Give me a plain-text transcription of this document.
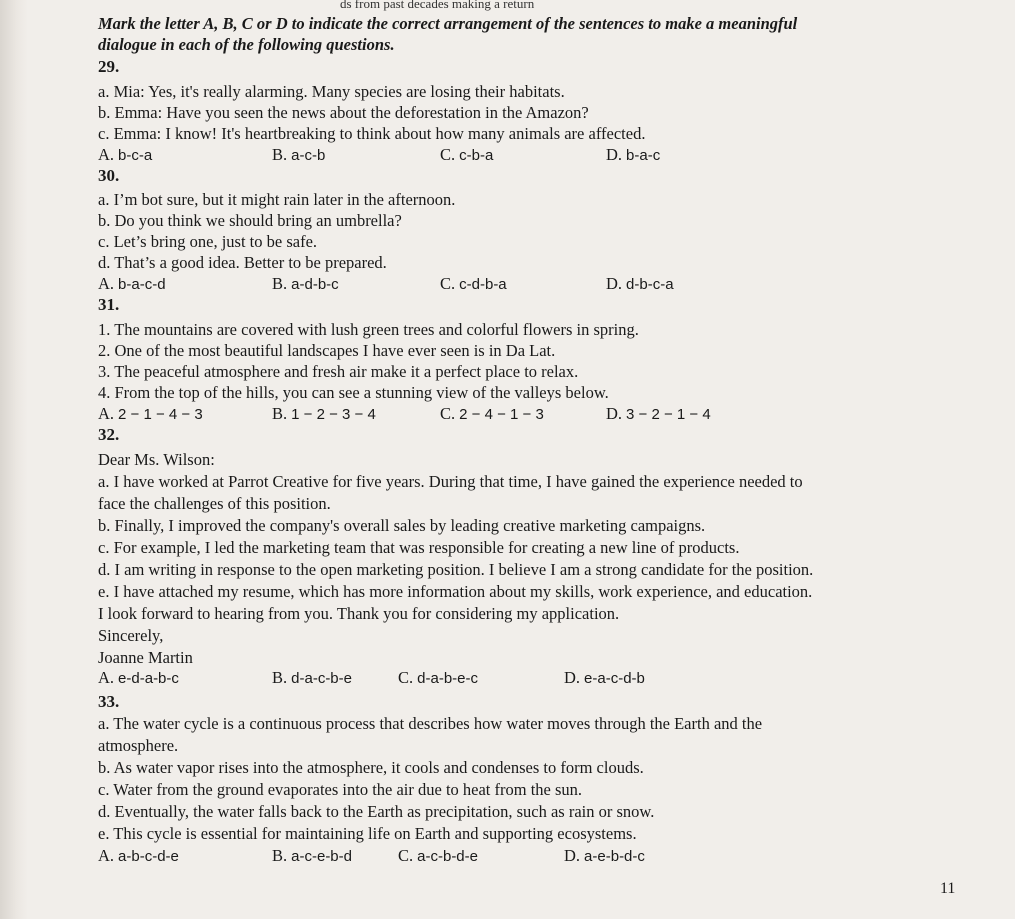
ds from past decades making a return
Mark the letter A, B, C or D to indicate the correct arrangement of the sentences to make a meaningful
dialogue in each of the following questions.
29.
a. Mia: Yes, it's really alarming. Many species are losing their habitats.
b. Emma: Have you seen the news about the deforestation in the Amazon?
c. Emma: I know! It's heartbreaking to think about how many animals are affected.
A. b-c-a	B. a-c-b	C. c-b-a	D. b-a-c
30.
a. I’m bot sure, but it might rain later in the afternoon.
b. Do you think we should bring an umbrella?
c. Let’s bring one, just to be safe.
d. That’s a good idea. Better to be prepared.
A. b-a-c-d	B. a-d-b-c	C. c-d-b-a	D. d-b-c-a
31.
1. The mountains are covered with lush green trees and colorful flowers in spring.
2. One of the most beautiful landscapes I have ever seen is in Da Lat.
3. The peaceful atmosphere and fresh air make it a perfect place to relax.
4. From the top of the hills, you can see a stunning view of the valleys below.
A. 2 − 1 − 4 − 3	B. 1 − 2 − 3 − 4	C. 2 − 4 − 1 − 3	D. 3 − 2 − 1 − 4
32.
Dear Ms. Wilson:
a. I have worked at Parrot Creative for five years. During that time, I have gained the experience needed to
face the challenges of this position.
b. Finally, I improved the company's overall sales by leading creative marketing campaigns.
c. For example, I led the marketing team that was responsible for creating a new line of products.
d. I am writing in response to the open marketing position. I believe I am a strong candidate for the position.
e. I have attached my resume, which has more information about my skills, work experience, and education.
I look forward to hearing from you. Thank you for considering my application.
Sincerely,
Joanne Martin
A. e-d-a-b-c	B. d-a-c-b-e	C. d-a-b-e-c	D. e-a-c-d-b
33.
a. The water cycle is a continuous process that describes how water moves through the Earth and the
atmosphere.
b. As water vapor rises into the atmosphere, it cools and condenses to form clouds.
c. Water from the ground evaporates into the air due to heat from the sun.
d. Eventually, the water falls back to the Earth as precipitation, such as rain or snow.
e. This cycle is essential for maintaining life on Earth and supporting ecosystems.
A. a-b-c-d-e	B. a-c-e-b-d	C. a-c-b-d-e	D. a-e-b-d-c
11
